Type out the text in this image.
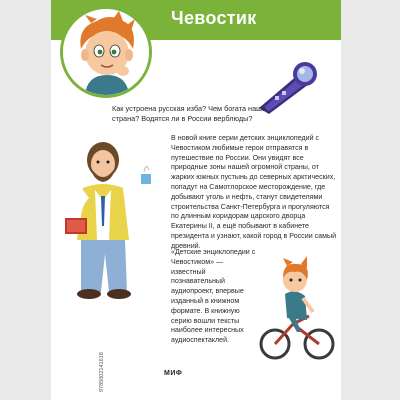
Чевостик
Как устроена русская изба? Чем богата наша страна? Водятся ли в России верблюды?
В новой книге серии детских энциклопедий с Чевостиком любимые герои отправятся в путешествие по России. Они увидят все природные зоны нашей огромной страны, от жарких южных пустынь до северных арктических, попадут на Самотлорское месторождение, где добывают уголь и нефть, станут свидетелями строительства Санкт-Петербурга и прогуляются по длинным коридорам царского дворца Екатерины II, а ещё побывают в кабинете президента и узнают, какой город в России самый древний.
«Детские энциклопедии с Чевостиком» — известный познавательный аудиопроект, впервые изданный в книжном формате. В книжную серию вошли тексты наиболее интересных аудиоспектаклей.
9785002141618	МИФ
